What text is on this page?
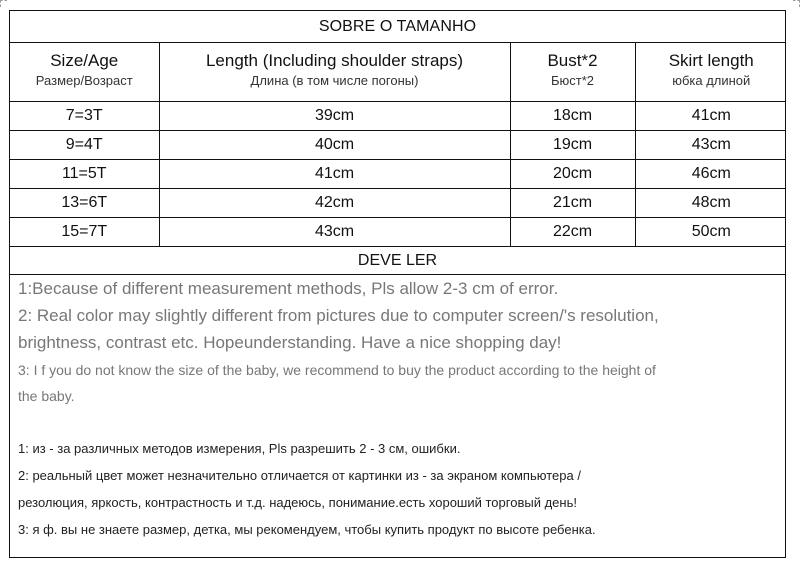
SOBRE O TAMANHO
Size/Age	Length (Including shoulder straps)	Bust*2	Skirt length
Размер/Возраст	Длина (в том числе погоны)	Бюст*2	юбка длиной
7=3T	39cm	18cm	41cm
9=4T	40cm	19cm	43cm
11=5T	41cm	20cm	46cm
13=6T	42cm	21cm	48cm
15=7T	43cm	22cm	50cm
DEVE LER
1:Because of different measurement methods, Pls allow 2-3 cm of error.
2: Real color may slightly different from pictures due to computer screen/'s resolution,
brightness, contrast etc. Hopeunderstanding. Have a nice shopping day!
3: I f you do not know the size of the baby, we recommend to buy the product according to the height of
the baby.
1: из - за различных методов измерения, Pls разрешить 2 - 3 см, ошибки.
2: реальный цвет может незначительно отличается от картинки из - за экраном компьютера /
резолюция, яркость, контрастность и т.д. надеюсь, понимание.есть хороший торговый день!
3: я ф. вы не знаете размер, детка, мы рекомендуем, чтобы купить продукт по высоте ребенка.
